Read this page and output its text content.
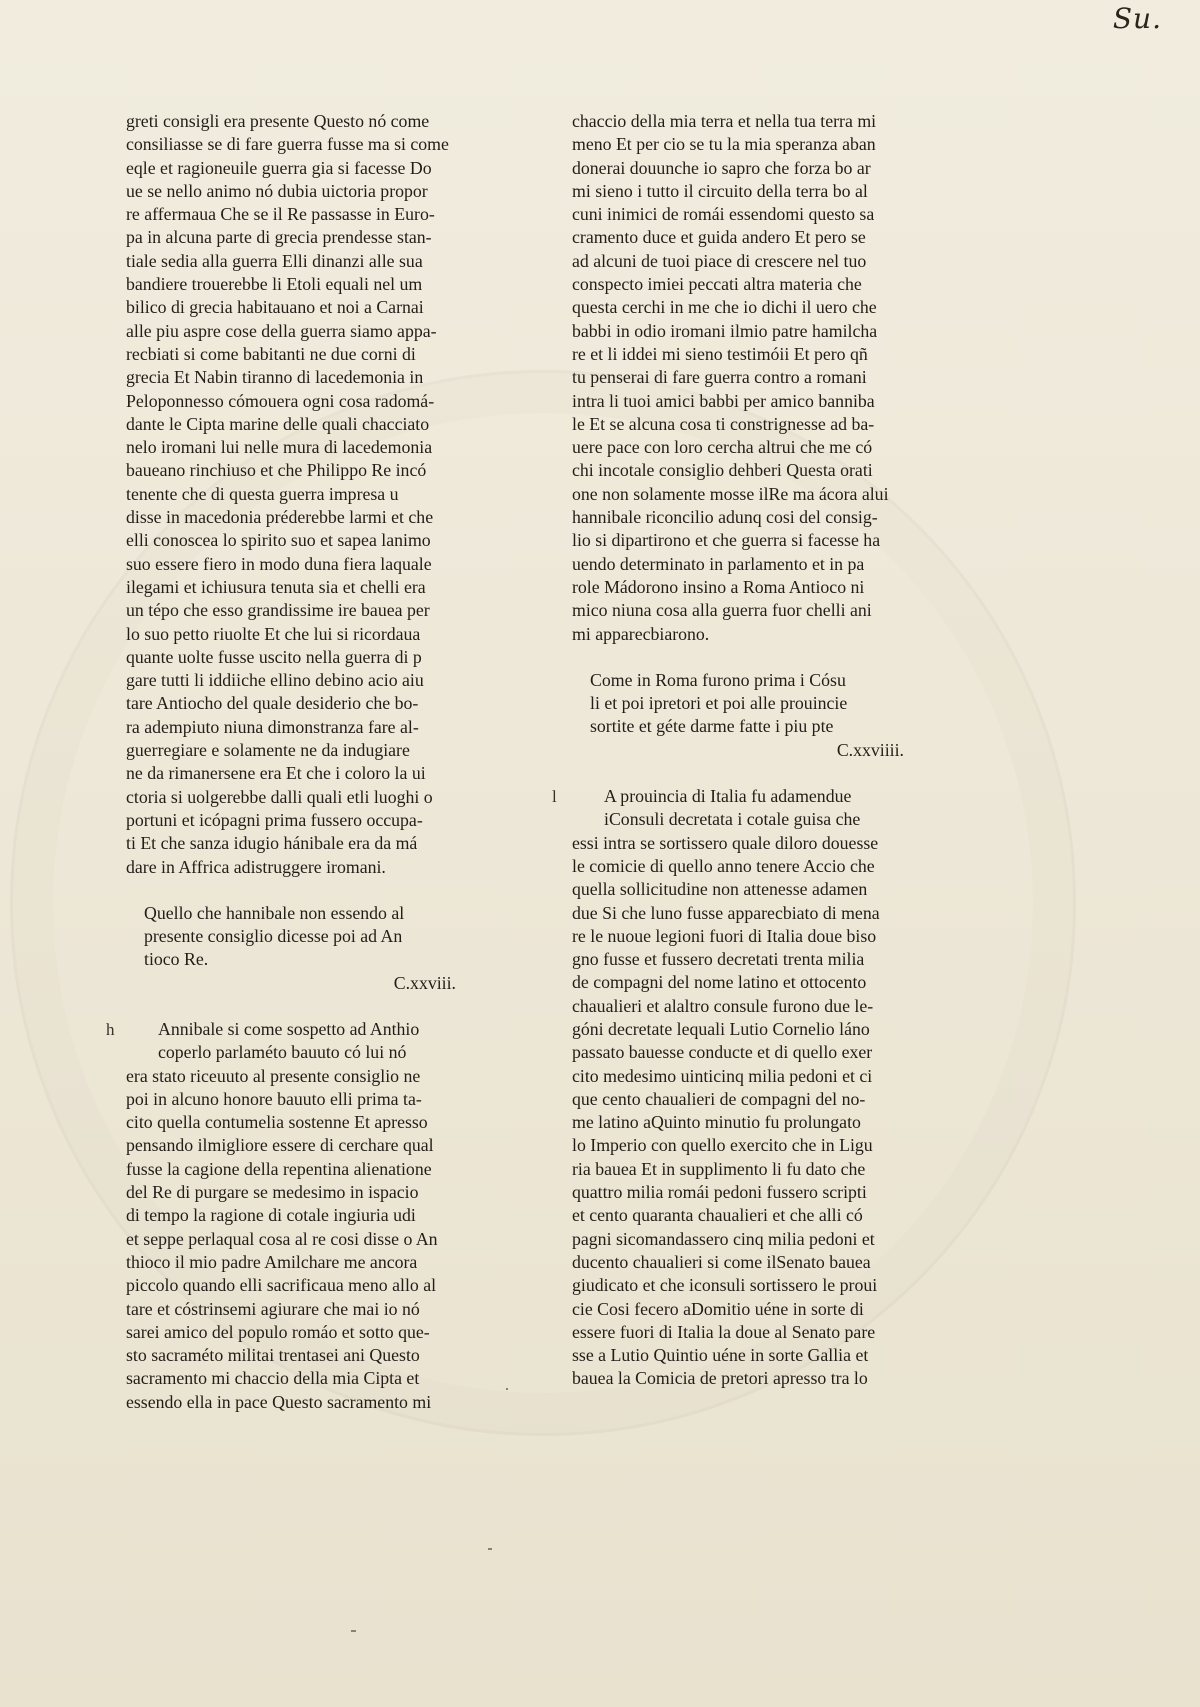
Su.
greti consigli era presente Questo nó come
consiliasse se di fare guerra fusse ma si come
eqle et ragioneuile guerra gia si facesse Do
ue se nello animo nó dubia uictoria propor
re affermaua Che se il Re passasse in Euro-
pa in alcuna parte di grecia prendesse stan-
tiale sedia alla guerra Elli dinanzi alle sua
bandiere trouerebbe li Etoli equali nel um
bilico di grecia habitauano et noi a Carnai
alle piu aspre cose della guerra siamo appa-
recbiati si come babitanti ne due corni di
grecia Et Nabin tiranno di lacedemonia in
Peloponnesso cómouera ogni cosa radomá-
dante le Cipta marine delle quali chacciato
nelo iromani lui nelle mura di lacedemonia
baueano rinchiuso et che Philippo Re incó
tenente che di questa guerra impresa u
disse in macedonia préderebbe larmi et che
elli conoscea lo spirito suo et sapea lanimo
suo essere fiero in modo duna fiera laquale
ilegami et ichiusura tenuta sia et chelli era
un tépo che esso grandissime ire bauea per
lo suo petto riuolte Et che lui si ricordaua
quante uolte fusse uscito nella guerra di p
gare tutti li iddiiche ellino debino acio aiu
tare Antiocho del quale desiderio che bo-
ra adempiuto niuna dimonstranza fare al-
guerregiare e solamente ne da indugiare
ne da rimanersene era Et che i coloro la ui
ctoria si uolgerebbe dalli quali etli luoghi o
portuni et icópagni prima fussero occupa-
ti Et che sanza idugio hánibale era da má
dare in Affrica adistruggere iromani.
Quello che hannibale non essendo al
presente consiglio dicesse poi ad An
tioco Re.
C.xxviii.
h Annibale si come sospetto ad Anthio
coperlo parlaméto bauuto có lui nó
era stato riceuuto al presente consiglio ne
poi in alcuno honore bauuto elli prima ta-
cito quella contumelia sostenne Et apresso
pensando ilmigliore essere di cerchare qual
fusse la cagione della repentina alienatione
del Re di purgare se medesimo in ispacio
di tempo la ragione di cotale ingiuria udi
et seppe perlaqual cosa al re cosi disse o An
thioco il mio padre Amilchare me ancora
piccolo quando elli sacrificaua meno allo al
tare et cóstrinsemi agiurare che mai io nó
sarei amico del populo romáo et sotto que-
sto sacraméto militai trentasei ani Questo
sacramento mi chaccio della mia Cipta et
essendo ella in pace Questo sacramento mi
chaccio della mia terra et nella tua terra mi
meno Et per cio se tu la mia speranza aban
donerai douunche io sapro che forza bo ar
mi sieno i tutto il circuito della terra bo al
cuni inimici de romái essendomi questo sa
cramento duce et guida andero Et pero se
ad alcuni de tuoi piace di crescere nel tuo
conspecto imiei peccati altra materia che
questa cerchi in me che io dichi il uero che
babbi in odio iromani ilmio patre hamilcha
re et li iddei mi sieno testimóii Et pero qñ
tu penserai di fare guerra contro a romani
intra li tuoi amici babbi per amico banniba
le Et se alcuna cosa ti constrignesse ad ba-
uere pace con loro cercha altrui che me có
chi incotale consiglio dehberi Questa orati
one non solamente mosse ilRe ma ácora alui
hannibale riconcilio adunq cosi del consig-
lio si dipartirono et che guerra si facesse ha
uendo determinato in parlamento et in pa
role Mádorono insino a Roma Antioco ni
mico niuna cosa alla guerra fuor chelli ani
mi apparecbiarono.
Come in Roma furono prima i Cósu
li et poi ipretori et poi alle prouincie
sortite et géte darme fatte i piu pte
C.xxviiii.
l	A prouincia di Italia fu adamendue
iConsuli decretata i cotale guisa che
essi intra se sortissero quale diloro douesse
le comicie di quello anno tenere Accio che
quella sollicitudine non attenesse adamen
due Si che luno fusse apparecbiato di mena
re le nuoue legioni fuori di Italia doue biso
gno fusse et fussero decretati trenta milia
de compagni del nome latino et ottocento
chaualieri et alaltro consule furono due le-
góni decretate lequali Lutio Cornelio láno
passato bauesse conducte et di quello exer
cito medesimo uinticinq milia pedoni et ci
que cento chaualieri de compagni del no-
me latino aQuinto minutio fu prolungato
lo Imperio con quello exercito che in Ligu
ria bauea Et in supplimento li fu dato che
quattro milia romái pedoni fussero scripti
et cento quaranta chaualieri et che alli có
pagni sicomandassero cinq milia pedoni et
ducento chaualieri si come ilSenato bauea
giudicato et che iconsuli sortissero le proui
cie Cosi fecero aDomitio uéne in sorte di
essere fuori di Italia la doue al Senato pare
sse a Lutio Quintio uéne in sorte Gallia et
bauea la Comicia de pretori apresso tra lo
